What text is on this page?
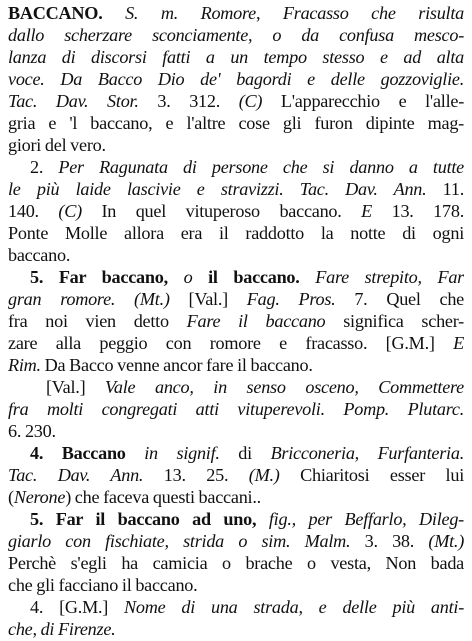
BACCANO. S. m. Romore, Fracasso che risulta
dallo scherzare sconciamente, o da confusa mesco-
lanza di discorsi fatti a un tempo stesso e ad alta
voce. Da Bacco Dio de' bagordi e delle gozzoviglie.
Tac. Dav. Stor. 3. 312. (C) L'apparecchio e l'alle-
gria e 'l baccano, e l'altre cose gli furon dipinte mag-
giori del vero.
2. Per Ragunata di persone che si danno a tutte
le più laide lascivie e stravizzi. Tac. Dav. Ann. 11.
140. (C) In quel vituperoso baccano. E 13. 178.
Ponte Molle allora era il raddotto la notte di ogni
baccano.
5. Far baccano, o il baccano. Fare strepito, Far
gran romore. (Mt.) [Val.] Fag. Pros. 7. Quel che
fra noi vien detto Fare il baccano significa scher-
zare alla peggio con romore e fracasso. [G.M.] E
Rim. Da Bacco venne ancor fare il baccano.
[Val.] Vale anco, in senso osceno, Commettere
fra molti congregati atti vituperevoli. Pomp. Plutarc.
6. 230.
4. Baccano in signif. di Bricconeria, Furfanteria.
Tac. Dav. Ann. 13. 25. (M.) Chiaritosi esser lui
(Nerone) che faceva questi baccani..
5. Far il baccano ad uno, fig., per Beffarlo, Dileg-
giarlo con fischiate, strida o sim. Malm. 3. 38. (Mt.)
Perchè s'egli ha camicia o brache o vesta, Non bada
che gli facciano il baccano.
4. [G.M.] Nome di una strada, e delle più anti-
che, di Firenze.
